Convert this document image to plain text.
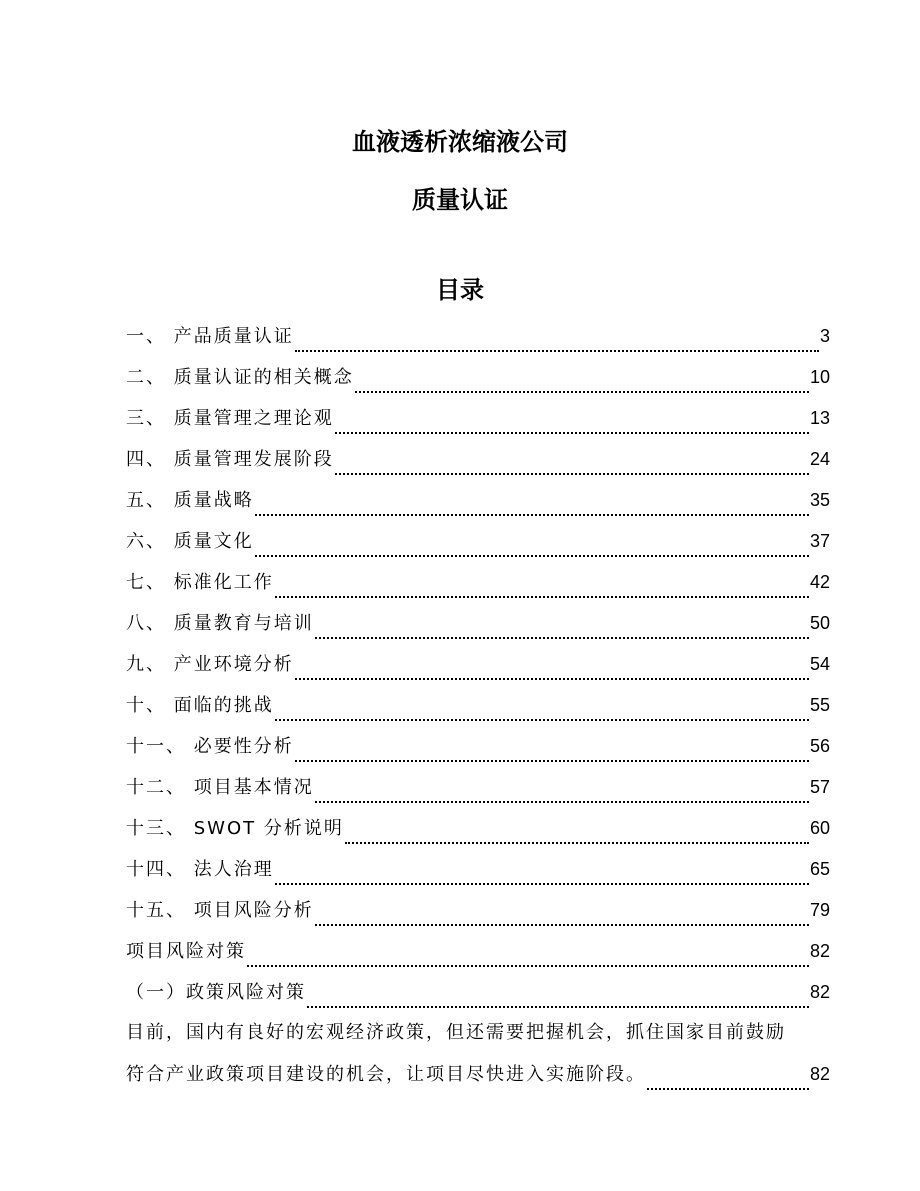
血液透析浓缩液公司
质量认证
目录
一、 产品质量认证	3
二、 质量认证的相关概念	10
三、 质量管理之理论观	13
四、 质量管理发展阶段	24
五、 质量战略	35
六、 质量文化	37
七、 标准化工作	42
八、 质量教育与培训	50
九、 产业环境分析	54
十、 面临的挑战	55
十一、 必要性分析	56
十二、 项目基本情况	57
十三、 SWOT 分析说明	60
十四、 法人治理	65
十五、 项目风险分析	79
项目风险对策	82
（一）政策风险对策	82
目前，国内有良好的宏观经济政策，但还需要把握机会，抓住国家目前鼓励
符合产业政策项目建设的机会，让项目尽快进入实施阶段。	82
